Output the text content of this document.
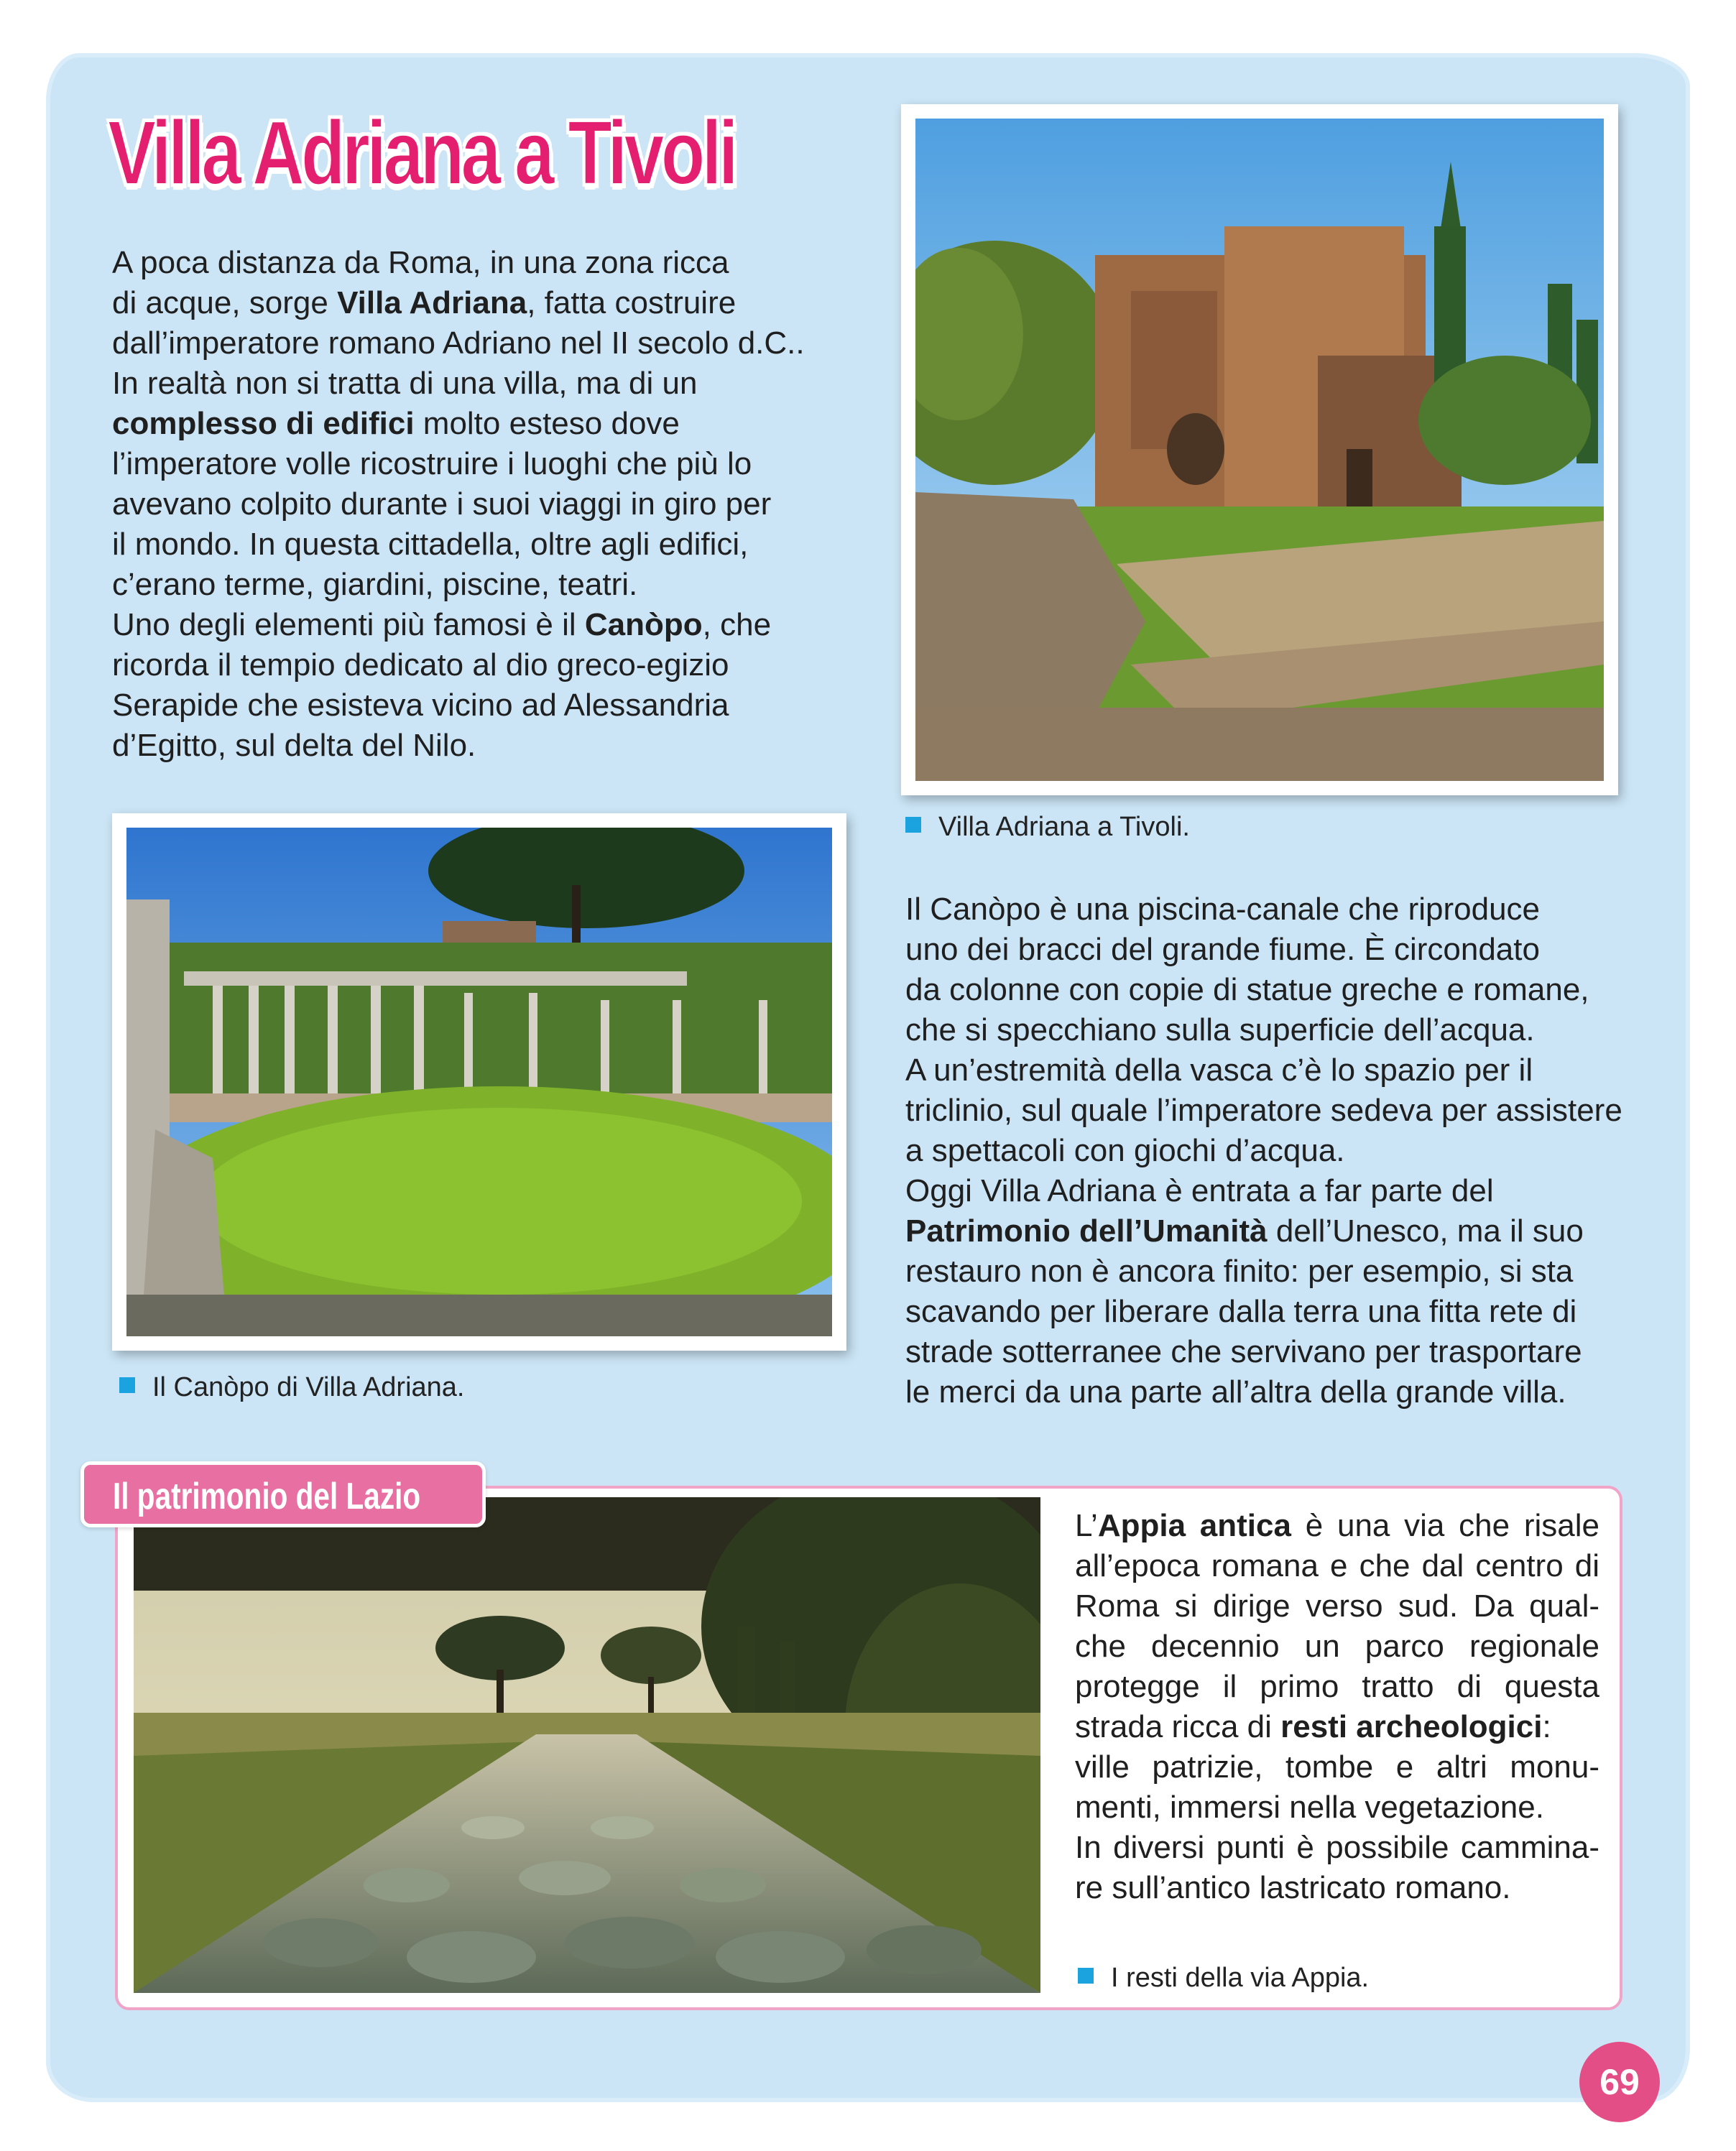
Villa Adriana a Tivoli
A poca distanza da Roma, in una zona ricca
di acque, sorge Villa Adriana, fatta costruire
dall’imperatore romano Adriano nel II secolo d.C..
In realtà non si tratta di una villa, ma di un
complesso di edifici molto esteso dove
l’imperatore volle ricostruire i luoghi che più lo
avevano colpito durante i suoi viaggi in giro per
il mondo. In questa cittadella, oltre agli edifici,
c’erano terme, giardini, piscine, teatri.
Uno degli elementi più famosi è il Canòpo, che
ricorda il tempio dedicato al dio greco-egizio
Serapide che esisteva vicino ad Alessandria
d’Egitto, sul delta del Nilo.
Villa Adriana a Tivoli.
Il Canòpo di Villa Adriana.
Il Canòpo è una piscina-canale che riproduce
uno dei bracci del grande fiume. È circondato
da colonne con copie di statue greche e romane,
che si specchiano sulla superficie dell’acqua.
A un’estremità della vasca c’è lo spazio per il
triclinio, sul quale l’imperatore sedeva per assistere
a spettacoli con giochi d’acqua.
Oggi Villa Adriana è entrata a far parte del
Patrimonio dell’Umanità dell’Unesco, ma il suo
restauro non è ancora finito: per esempio, si sta
scavando per liberare dalla terra una fitta rete di
strade sotterranee che servivano per trasportare
le merci da una parte all’altra della grande villa.
Il patrimonio del Lazio
L’Appia antica è una via che risale
all’epoca romana e che dal centro di
Roma si dirige verso sud. Da qual-
che decennio un parco regionale
protegge il primo tratto di questa
strada ricca di resti archeologici:
ville patrizie, tombe e altri monu-
menti, immersi nella vegetazione.
In diversi punti è possibile cammina-
re sull’antico lastricato romano.
I resti della via Appia.
69
